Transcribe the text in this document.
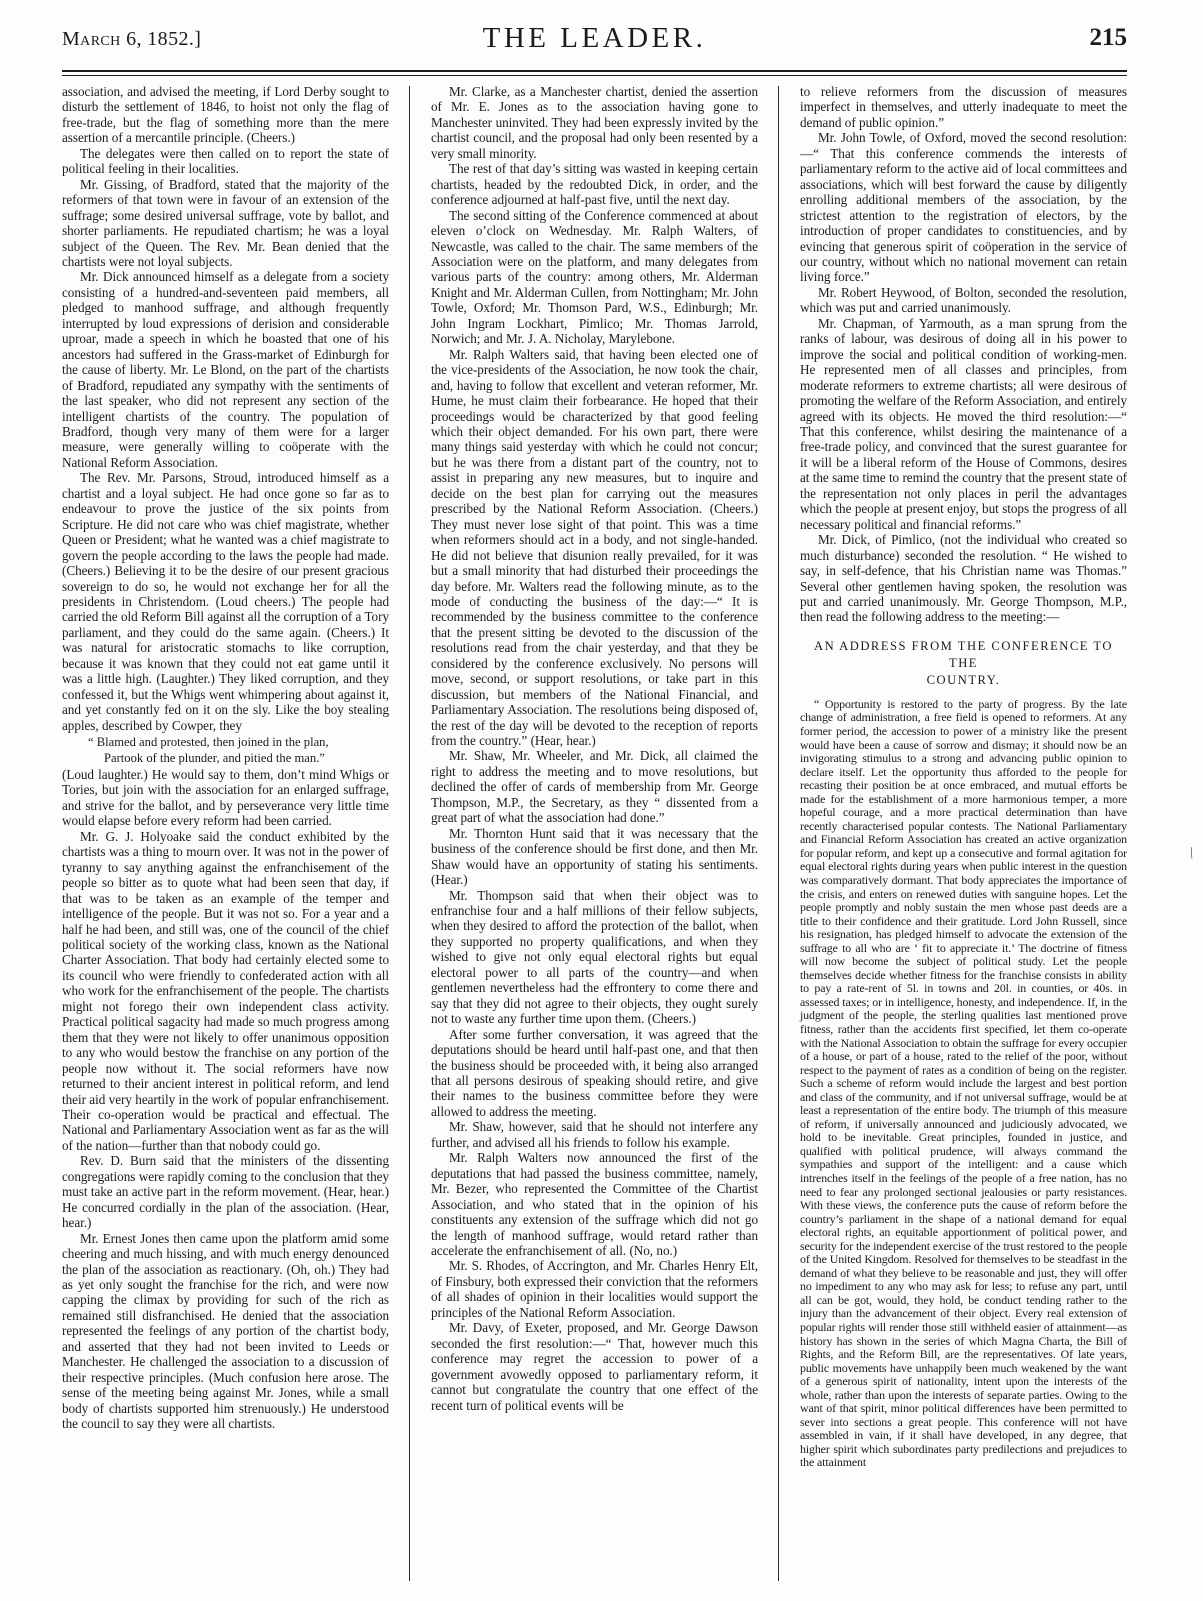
March 6, 1852.]	THE LEADER.	215

association, and advised the meeting, if Lord Derby sought to disturb the settlement of 1846, to hoist not only the flag of free-trade, but the flag of something more than the mere assertion of a mercantile principle. (Cheers.)

The delegates were then called on to report the state of political feeling in their localities.

Mr. Gissing, of Bradford, stated that the majority of the reformers of that town were in favour of an extension of the suffrage; some desired universal suffrage, vote by ballot, and shorter parliaments. He repudiated chartism; he was a loyal subject of the Queen. The Rev. Mr. Bean denied that the chartists were not loyal subjects.

Mr. Dick announced himself as a delegate from a society consisting of a hundred-and-seventeen paid members, all pledged to manhood suffrage, and although frequently interrupted by loud expressions of derision and considerable uproar, made a speech in which he boasted that one of his ancestors had suffered in the Grass-market of Edinburgh for the cause of liberty. Mr. Le Blond, on the part of the chartists of Bradford, repudiated any sympathy with the sentiments of the last speaker, who did not represent any section of the intelligent chartists of the country. The population of Bradford, though very many of them were for a larger measure, were generally willing to coöperate with the National Reform Association.

The Rev. Mr. Parsons, Stroud, introduced himself as a chartist and a loyal subject. He had once gone so far as to endeavour to prove the justice of the six points from Scripture. He did not care who was chief magistrate, whether Queen or President; what he wanted was a chief magistrate to govern the people according to the laws the people had made. (Cheers.) Believing it to be the desire of our present gracious sovereign to do so, he would not exchange her for all the presidents in Christendom. (Loud cheers.) The people had carried the old Reform Bill against all the corruption of a Tory parliament, and they could do the same again. (Cheers.) It was natural for aristocratic stomachs to like corruption, because it was known that they could not eat game until it was a little high. (Laughter.) They liked corruption, and they confessed it, but the Whigs went whimpering about against it, and yet constantly fed on it on the sly. Like the boy stealing apples, described by Cowper, they

“ Blamed and protested, then joined in the plan,
Partook of the plunder, and pitied the man.”

(Loud laughter.) He would say to them, don’t mind Whigs or Tories, but join with the association for an enlarged suffrage, and strive for the ballot, and by perseverance very little time would elapse before every reform had been carried.

Mr. G. J. Holyoake said the conduct exhibited by the chartists was a thing to mourn over. It was not in the power of tyranny to say anything against the enfranchisement of the people so bitter as to quote what had been seen that day, if that was to be taken as an example of the temper and intelligence of the people. But it was not so. For a year and a half he had been, and still was, one of the council of the chief political society of the working class, known as the National Charter Association. That body had certainly elected some to its council who were friendly to confederated action with all who work for the enfranchisement of the people. The chartists might not forego their own independent class activity. Practical political sagacity had made so much progress among them that they were not likely to offer unanimous opposition to any who would bestow the franchise on any portion of the people now without it. The social reformers have now returned to their ancient interest in political reform, and lend their aid very heartily in the work of popular enfranchisement. Their co-operation would be practical and effectual. The National and Parliamentary Association went as far as the will of the nation—further than that nobody could go.

Rev. D. Burn said that the ministers of the dissenting congregations were rapidly coming to the conclusion that they must take an active part in the reform movement. (Hear, hear.) He concurred cordially in the plan of the association. (Hear, hear.)

Mr. Ernest Jones then came upon the platform amid some cheering and much hissing, and with much energy denounced the plan of the association as reactionary. (Oh, oh.) They had as yet only sought the franchise for the rich, and were now capping the climax by providing for such of the rich as remained still disfranchised. He denied that the association represented the feelings of any portion of the chartist body, and asserted that they had not been invited to Leeds or Manchester. He challenged the association to a discussion of their respective principles. (Much confusion here arose. The sense of the meeting being against Mr. Jones, while a small body of chartists supported him strenuously.) He understood the council to say they were all chartists.

Mr. Clarke, as a Manchester chartist, denied the assertion of Mr. E. Jones as to the association having gone to Manchester uninvited. They had been expressly invited by the chartist council, and the proposal had only been resented by a very small minority.

The rest of that day’s sitting was wasted in keeping certain chartists, headed by the redoubted Dick, in order, and the conference adjourned at half-past five, until the next day.

The second sitting of the Conference commenced at about eleven o’clock on Wednesday. Mr. Ralph Walters, of Newcastle, was called to the chair. The same members of the Association were on the platform, and many delegates from various parts of the country: among others, Mr. Alderman Knight and Mr. Alderman Cullen, from Nottingham; Mr. John Towle, Oxford; Mr. Thomson Pard, W.S., Edinburgh; Mr. John Ingram Lockhart, Pimlico; Mr. Thomas Jarrold, Norwich; and Mr. J. A. Nicholay, Marylebone.

Mr. Ralph Walters said, that having been elected one of the vice-presidents of the Association, he now took the chair, and, having to follow that excellent and veteran reformer, Mr. Hume, he must claim their forbearance. He hoped that their proceedings would be characterized by that good feeling which their object demanded. For his own part, there were many things said yesterday with which he could not concur; but he was there from a distant part of the country, not to assist in preparing any new measures, but to inquire and decide on the best plan for carrying out the measures prescribed by the National Reform Association. (Cheers.) They must never lose sight of that point. This was a time when reformers should act in a body, and not single-handed. He did not believe that disunion really prevailed, for it was but a small minority that had disturbed their proceedings the day before. Mr. Walters read the following minute, as to the mode of conducting the business of the day:—“ It is recommended by the business committee to the conference that the present sitting be devoted to the discussion of the resolutions read from the chair yesterday, and that they be considered by the conference exclusively. No persons will move, second, or support resolutions, or take part in this discussion, but members of the National Financial, and Parliamentary Association. The resolutions being disposed of, the rest of the day will be devoted to the reception of reports from the country.” (Hear, hear.)

Mr. Shaw, Mr. Wheeler, and Mr. Dick, all claimed the right to address the meeting and to move resolutions, but declined the offer of cards of membership from Mr. George Thompson, M.P., the Secretary, as they “ dissented from a great part of what the association had done.”

Mr. Thornton Hunt said that it was necessary that the business of the conference should be first done, and then Mr. Shaw would have an opportunity of stating his sentiments. (Hear.)

Mr. Thompson said that when their object was to enfranchise four and a half millions of their fellow subjects, when they desired to afford the protection of the ballot, when they supported no property qualifications, and when they wished to give not only equal electoral rights but equal electoral power to all parts of the country—and when gentlemen nevertheless had the effrontery to come there and say that they did not agree to their objects, they ought surely not to waste any further time upon them. (Cheers.)

After some further conversation, it was agreed that the deputations should be heard until half-past one, and that then the business should be proceeded with, it being also arranged that all persons desirous of speaking should retire, and give their names to the business committee before they were allowed to address the meeting.

Mr. Shaw, however, said that he should not interfere any further, and advised all his friends to follow his example.

Mr. Ralph Walters now announced the first of the deputations that had passed the business committee, namely, Mr. Bezer, who represented the Committee of the Chartist Association, and who stated that in the opinion of his constituents any extension of the suffrage which did not go the length of manhood suffrage, would retard rather than accelerate the enfranchisement of all. (No, no.)

Mr. S. Rhodes, of Accrington, and Mr. Charles Henry Elt, of Finsbury, both expressed their conviction that the reformers of all shades of opinion in their localities would support the principles of the National Reform Association.

Mr. Davy, of Exeter, proposed, and Mr. George Dawson seconded the first resolution:—“ That, however much this conference may regret the accession to power of a government avowedly opposed to parliamentary reform, it cannot but congratulate the country that one effect of the recent turn of political events will be

to relieve reformers from the discussion of measures imperfect in themselves, and utterly inadequate to meet the demand of public opinion.”

Mr. John Towle, of Oxford, moved the second resolution:—“ That this conference commends the interests of parliamentary reform to the active aid of local committees and associations, which will best forward the cause by diligently enrolling additional members of the association, by the strictest attention to the registration of electors, by the introduction of proper candidates to constituencies, and by evincing that generous spirit of coöperation in the service of our country, without which no national movement can retain living force.”

Mr. Robert Heywood, of Bolton, seconded the resolution, which was put and carried unanimously.

Mr. Chapman, of Yarmouth, as a man sprung from the ranks of labour, was desirous of doing all in his power to improve the social and political condition of working-men. He represented men of all classes and principles, from moderate reformers to extreme chartists; all were desirous of promoting the welfare of the Reform Association, and entirely agreed with its objects. He moved the third resolution:—“ That this conference, whilst desiring the maintenance of a free-trade policy, and convinced that the surest guarantee for it will be a liberal reform of the House of Commons, desires at the same time to remind the country that the present state of the representation not only places in peril the advantages which the people at present enjoy, but stops the progress of all necessary political and financial reforms.”

Mr. Dick, of Pimlico, (not the individual who created so much disturbance) seconded the resolution. “ He wished to say, in self-defence, that his Christian name was Thomas.” Several other gentlemen having spoken, the resolution was put and carried unanimously. Mr. George Thompson, M.P., then read the following address to the meeting:—

AN ADDRESS FROM THE CONFERENCE TO THE
COUNTRY.

“ Opportunity is restored to the party of progress. By the late change of administration, a free field is opened to reformers. At any former period, the accession to power of a ministry like the present would have been a cause of sorrow and dismay; it should now be an invigorating stimulus to a strong and advancing public opinion to declare itself. Let the opportunity thus afforded to the people for recasting their position be at once embraced, and mutual efforts be made for the establishment of a more harmonious temper, a more hopeful courage, and a more practical determination than have recently characterised popular contests. The National Parliamentary and Financial Reform Association has created an active organization for popular reform, and kept up a consecutive and formal agitation for equal electoral rights during years when public interest in the question was comparatively dormant. That body appreciates the importance of the crisis, and enters on renewed duties with sanguine hopes. Let the people promptly and nobly sustain the men whose past deeds are a title to their confidence and their gratitude. Lord John Russell, since his resignation, has pledged himself to advocate the extension of the suffrage to all who are ‘ fit to appreciate it.’ The doctrine of fitness will now become the subject of political study. Let the people themselves decide whether fitness for the franchise consists in ability to pay a rate-rent of 5l. in towns and 20l. in counties, or 40s. in assessed taxes; or in intelligence, honesty, and independence. If, in the judgment of the people, the sterling qualities last mentioned prove fitness, rather than the accidents first specified, let them co-operate with the National Association to obtain the suffrage for every occupier of a house, or part of a house, rated to the relief of the poor, without respect to the payment of rates as a condition of being on the register. Such a scheme of reform would include the largest and best portion and class of the community, and if not universal suffrage, would be at least a representation of the entire body. The triumph of this measure of reform, if universally announced and judiciously advocated, we hold to be inevitable. Great principles, founded in justice, and qualified with political prudence, will always command the sympathies and support of the intelligent: and a cause which intrenches itself in the feelings of the people of a free nation, has no need to fear any prolonged sectional jealousies or party resistances. With these views, the conference puts the cause of reform before the country’s parliament in the shape of a national demand for equal electoral rights, an equitable apportionment of political power, and security for the independent exercise of the trust restored to the people of the United Kingdom. Resolved for themselves to be steadfast in the demand of what they believe to be reasonable and just, they will offer no impediment to any who may ask for less; to refuse any part, until all can be got, would, they hold, be conduct tending rather to the injury than the advancement of their object. Every real extension of popular rights will render those still withheld easier of attainment—as history has shown in the series of which Magna Charta, the Bill of Rights, and the Reform Bill, are the representatives. Of late years, public movements have unhappily been much weakened by the want of a generous spirit of nationality, intent upon the interests of the whole, rather than upon the interests of separate parties. Owing to the want of that spirit, minor political differences have been permitted to sever into sections a great people. This conference will not have assembled in vain, if it shall have developed, in any degree, that higher spirit which subordinates party predilections and prejudices to the attainment

\
